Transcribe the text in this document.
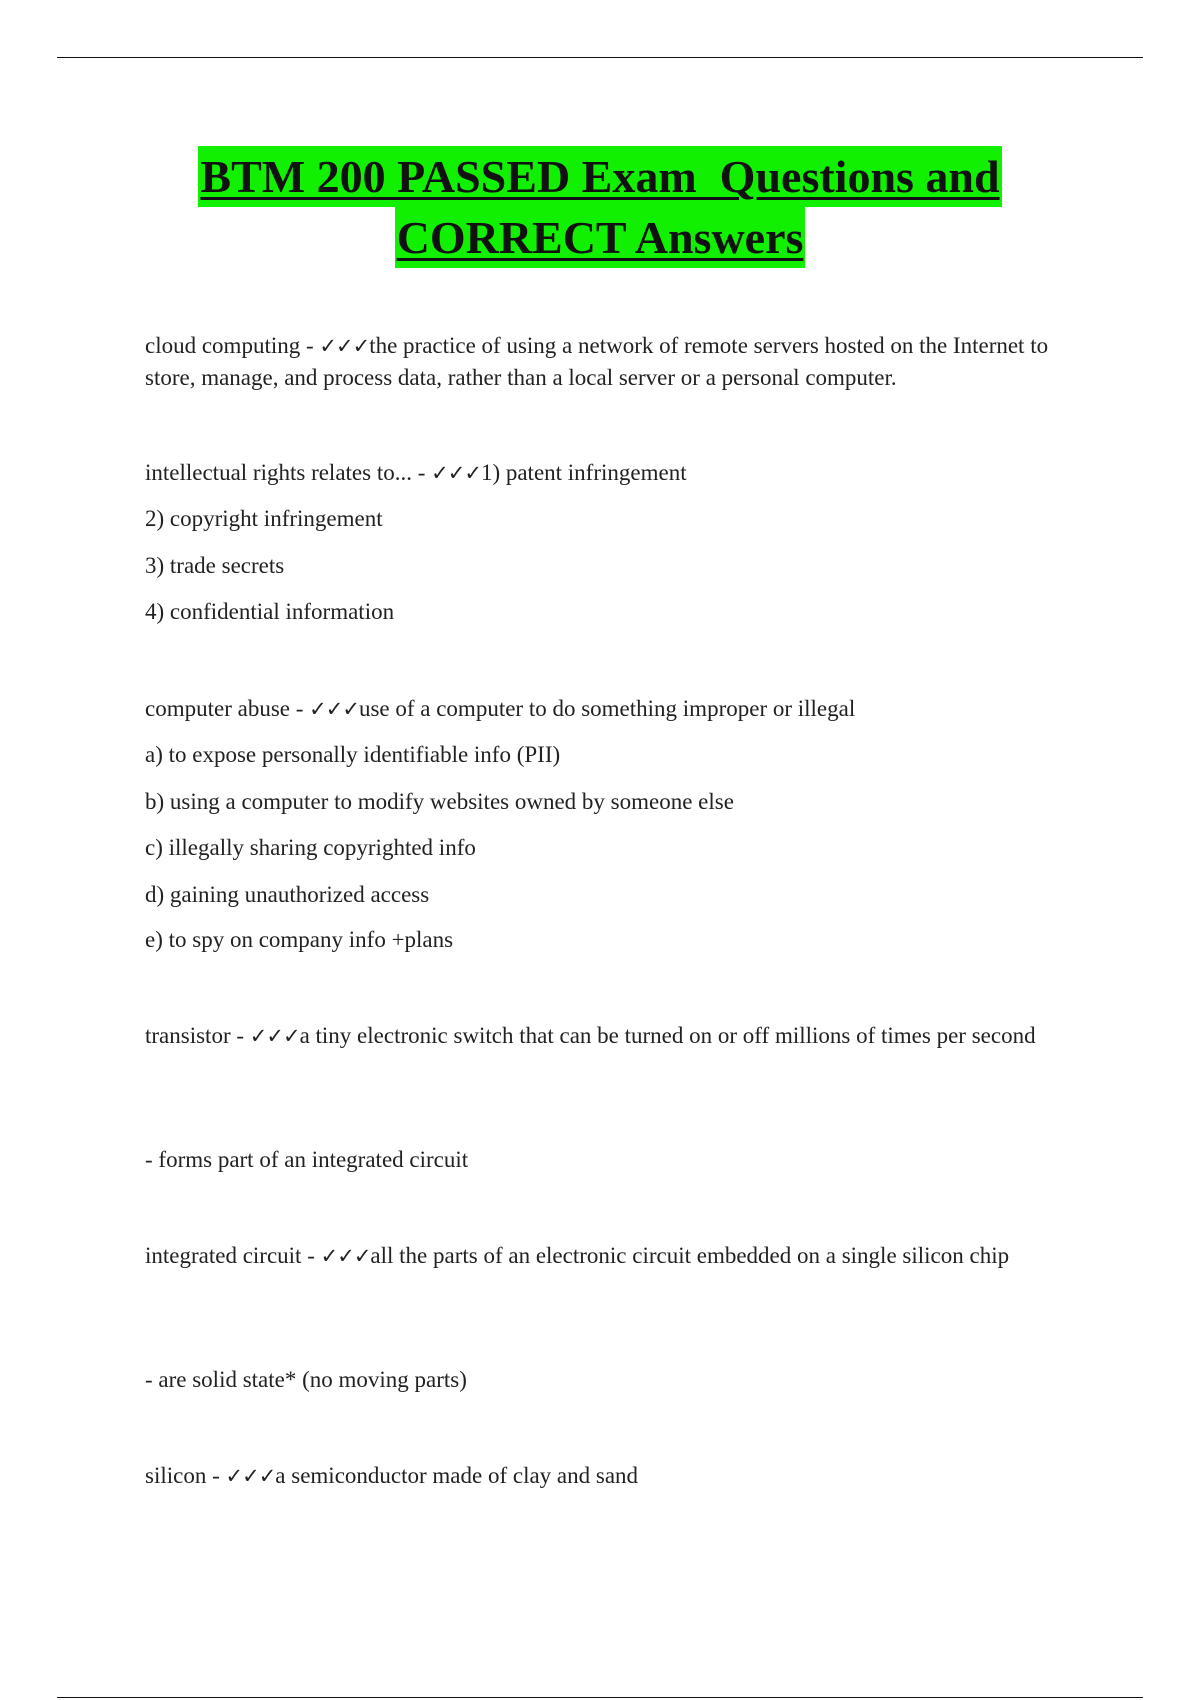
BTM 200 PASSED Exam  Questions and
CORRECT Answers
cloud computing - ✓✓✓the practice of using a network of remote servers hosted on the Internet to store, manage, and process data, rather than a local server or a personal computer.
intellectual rights relates to... - ✓✓✓1) patent infringement
2) copyright infringement
3) trade secrets
4) confidential information
computer abuse - ✓✓✓use of a computer to do something improper or illegal
a) to expose personally identifiable info (PII)
b) using a computer to modify websites owned by someone else
c) illegally sharing copyrighted info
d) gaining unauthorized access
e) to spy on company info +plans
transistor - ✓✓✓a tiny electronic switch that can be turned on or off millions of times per second
- forms part of an integrated circuit
integrated circuit - ✓✓✓all the parts of an electronic circuit embedded on a single silicon chip
- are solid state* (no moving parts)
silicon - ✓✓✓a semiconductor made of clay and sand
